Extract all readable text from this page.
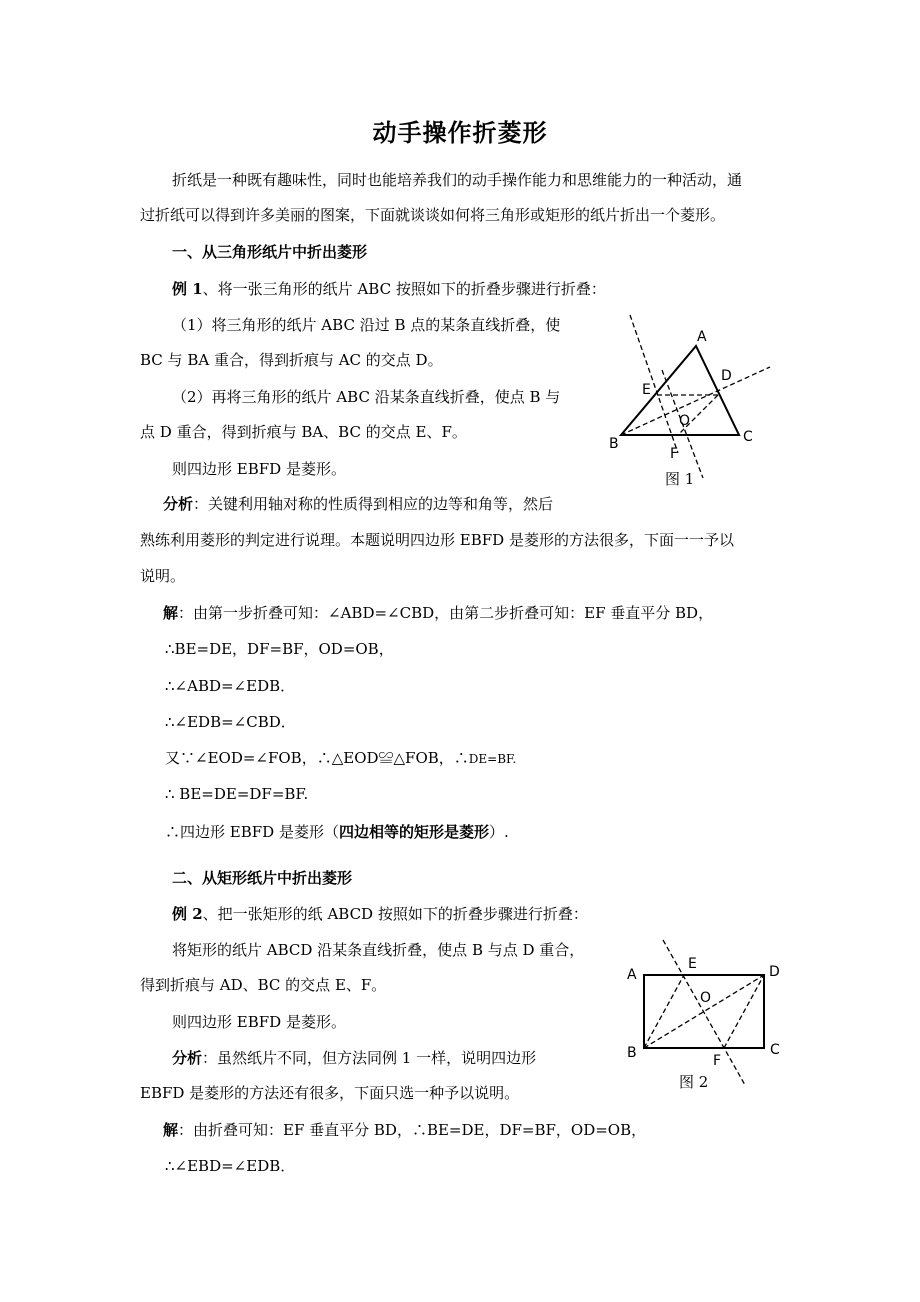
动手操作折菱形
折纸是一种既有趣味性，同时也能培养我们的动手操作能力和思维能力的一种活动，通
过折纸可以得到许多美丽的图案，下面就谈谈如何将三角形或矩形的纸片折出一个菱形。
一、从三角形纸片中折出菱形
例 1、将一张三角形的纸片 ABC 按照如下的折叠步骤进行折叠：
（1）将三角形的纸片 ABC 沿过 B 点的某条直线折叠，使
BC 与 BA 重合，得到折痕与 AC 的交点 D。
（2）再将三角形的纸片 ABC 沿某条直线折叠，使点 B 与
点 D 重合，得到折痕与 BA、BC 的交点 E、F。
则四边形 EBFD 是菱形。
分析：关键利用轴对称的性质得到相应的边等和角等，然后
熟练利用菱形的判定进行说理。本题说明四边形 EBFD 是菱形的方法很多，下面一一予以
说明。
解：由第一步折叠可知：∠ABD=∠CBD，由第二步折叠可知：EF 垂直平分 BD，
∴BE=DE，DF=BF，OD=OB，
∴∠ABD=∠EDB．
∴∠EDB=∠CBD．
又∵∠EOD=∠FOB，∴△EOD≌△FOB，∴DE=BF.
∴ BE=DE=DF=BF.
∴四边形 EBFD 是菱形（四边相等的矩形是菱形）.
二、从矩形纸片中折出菱形
例 2、把一张矩形的纸 ABCD 按照如下的折叠步骤进行折叠：
将矩形的纸片 ABCD 沿某条直线折叠，使点 B 与点 D 重合，
得到折痕与 AD、BC 的交点 E、F。
则四边形 EBFD 是菱形。
分析：虽然纸片不同，但方法同例 1 一样，说明四边形
EBFD 是菱形的方法还有很多，下面只选一种予以说明。
解：由折叠可知：EF 垂直平分 BD，∴BE=DE，DF=BF，OD=OB，
∴∠EBD=∠EDB．
A
B	C
D
E
F
O
图 1
A
B	C
D
E
F
O
图 2
